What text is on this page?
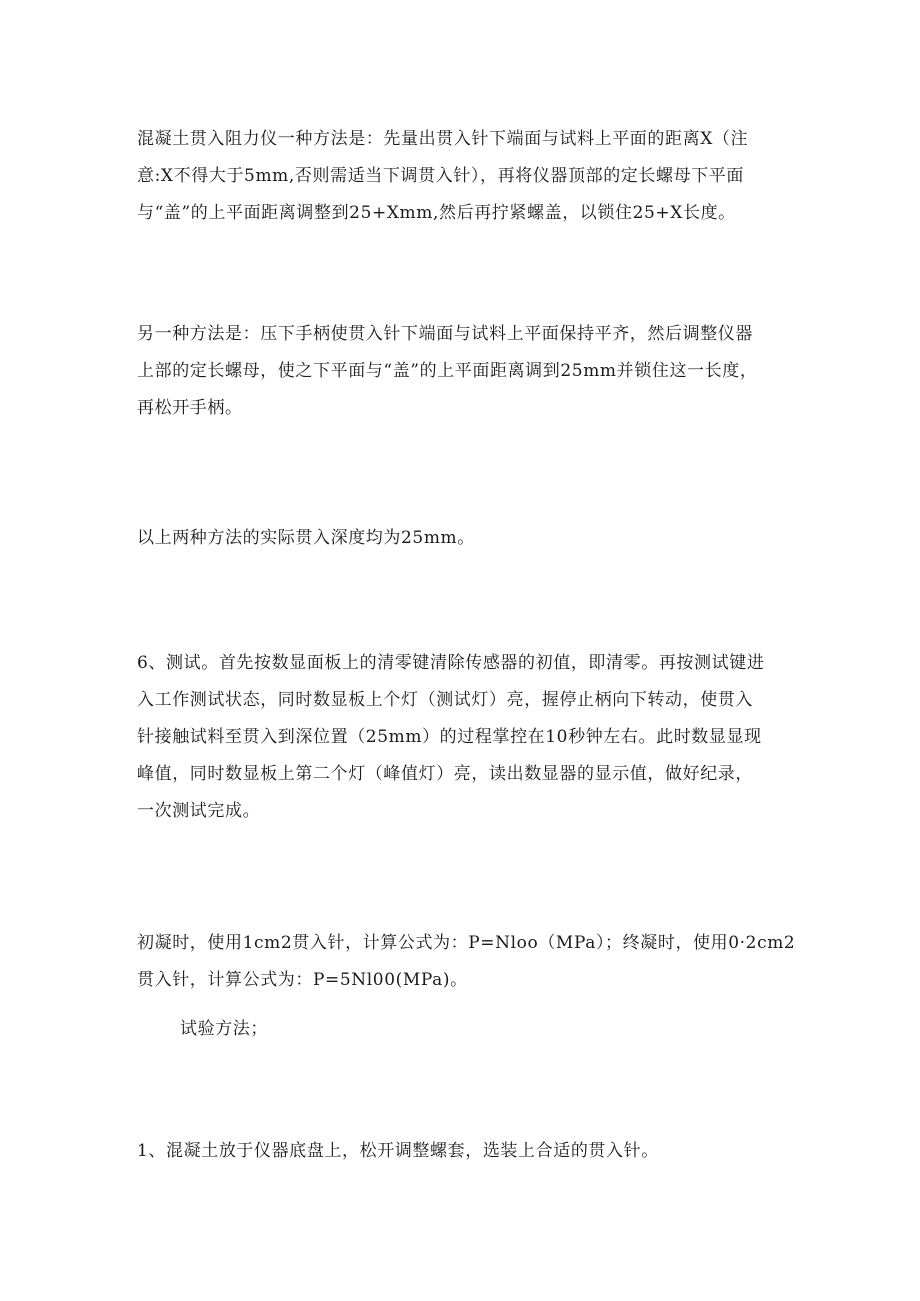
混凝土贯入阻力仪一种方法是：先量出贯入针下端面与试料上平面的距离X（注
意:X不得大于5mm,否则需适当下调贯入针），再将仪器顶部的定长螺母下平面
与“盖”的上平面距离调整到25+Xmm,然后再拧紧螺盖，以锁住25+X长度。

另一种方法是：压下手柄使贯入针下端面与试料上平面保持平齐，然后调整仪器
上部的定长螺母，使之下平面与“盖”的上平面距离调到25mm并锁住这一长度，
再松开手柄。

以上两种方法的实际贯入深度均为25mm。

6、测试。首先按数显面板上的清零键清除传感器的初值，即清零。再按测试键进
入工作测试状态，同时数显板上个灯（测试灯）亮，握停止柄向下转动，使贯入
针接触试料至贯入到深位置（25mm）的过程掌控在10秒钟左右。此时数显显现
峰值，同时数显板上第二个灯（峰值灯）亮，读出数显器的显示值，做好纪录，
一次测试完成。

初凝时，使用1cm2贯入针，计算公式为：P=Nloo（MPa）；终凝时，使用0·2cm2
贯入针，计算公式为：P=5Nl00(MPa)。

试验方法；

1、混凝土放于仪器底盘上，松开调整螺套，选装上合适的贯入针。
